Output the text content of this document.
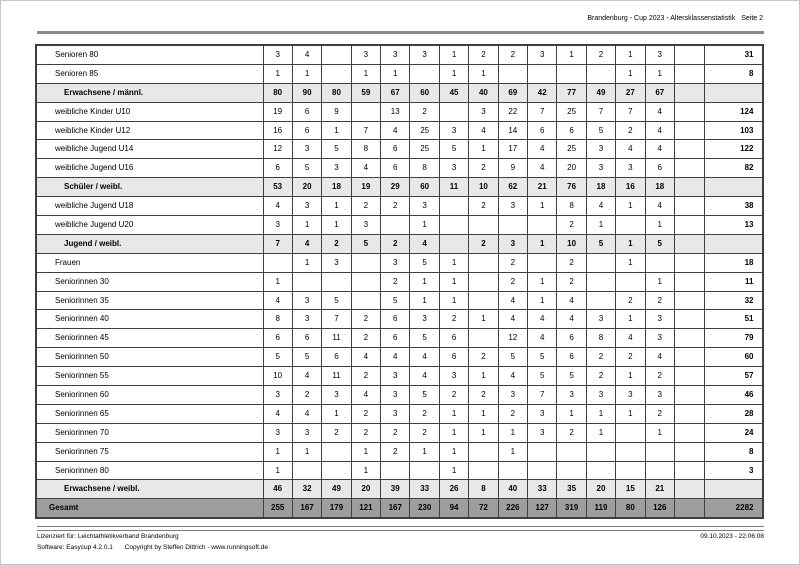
Brandenburg - Cup 2023 - Altersklassenstatistik Seite 2
Senioren 80	3	4		3	3	3	1	2	2	3	1	2	1	3		31
Senioren 85	1	1		1	1		1	1					1	1		8
Erwachsene / männl.	80	90	80	59	67	60	45	40	69	42	77	49	27	67		
weibliche Kinder U10	19	6	9		13	2		3	22	7	25	7	7	4		124
weibliche Kinder U12	16	6	1	7	4	25	3	4	14	6	6	5	2	4		103
weibliche Jugend U14	12	3	5	8	6	25	5	1	17	4	25	3	4	4		122
weibliche Jugend U16	6	5	3	4	6	8	3	2	9	4	20	3	3	6		82
Schüler / weibl.	53	20	18	19	29	60	11	10	62	21	76	18	16	18		
weibliche Jugend U18	4	3	1	2	2	3		2	3	1	8	4	1	4		38
weibliche Jugend U20	3	1	1	3		1					2	1		1		13
Jugend / weibl.	7	4	2	5	2	4		2	3	1	10	5	1	5		
Frauen		1	3		3	5	1		2		2		1			18
Seniorinnen 30	1				2	1	1		2	1	2			1		11
Seniorinnen 35	4	3	5		5	1	1		4	1	4		2	2		32
Seniorinnen 40	8	3	7	2	6	3	2	1	4	4	4	3	1	3		51
Seniorinnen 45	6	6	11	2	6	5	6		12	4	6	8	4	3		79
Seniorinnen 50	5	5	6	4	4	4	6	2	5	5	6	2	2	4		60
Seniorinnen 55	10	4	11	2	3	4	3	1	4	5	5	2	1	2		57
Seniorinnen 60	3	2	3	4	3	5	2	2	3	7	3	3	3	3		46
Seniorinnen 65	4	4	1	2	3	2	1	1	2	3	1	1	1	2		28
Seniorinnen 70	3	3	2	2	2	2	1	1	1	3	2	1		1		24
Seniorinnen 75	1	1		1	2	1	1		1							8
Seniorinnen 80	1			1			1									3
Erwachsene / weibl.	46	32	49	20	39	33	26	8	40	33	35	20	15	21		
Gesamt	255	167	179	121	167	230	94	72	226	127	319	119	80	126		2282
09.10.2023 - 22:06:08
Lizenziert für: Leichtathletikverband Brandenburg
Software: Easycup 4.2.0.1 Copyright by Steffen Dittrich - www.runningsoft.de
